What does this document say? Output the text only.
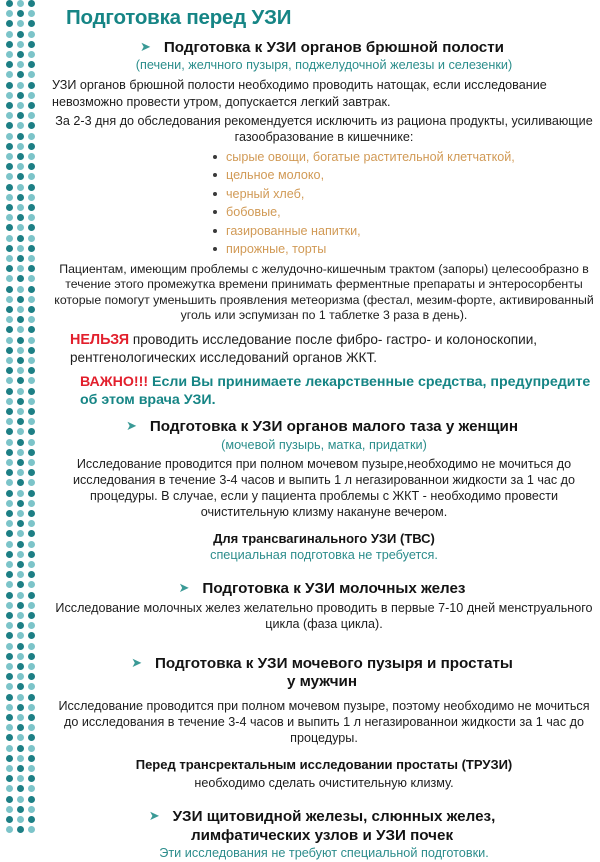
Подготовка перед УЗИ
➤ Подготовка к УЗИ органов брюшной полости
(печени, желчного пузыря, поджелудочной железы и селезенки)
УЗИ органов брюшной полости необходимо проводить натощак, если исследование невозможно провести утром, допускается легкий завтрак.
За 2-3 дня до обследования рекомендуется исключить из рациона продукты, усиливающие газообразование в кишечнике:
сырые овощи, богатые растительной клетчаткой,
цельное молоко,
черный хлеб,
бобовые,
газированные напитки,
пирожные, торты
Пациентам, имеющим проблемы с желудочно-кишечным трактом (запоры) целесообразно в течение этого промежутка времени принимать ферментные препараты и энтеросорбенты которые помогут уменьшить проявления метеоризма (фестал, мезим-форте, активированный уголь или эспумизан по 1 таблетке 3 раза в день).
НЕЛЬЗЯ проводить исследование после фибро- гастро- и колоноскопии, рентгенологических исследований органов ЖКТ.
ВАЖНО!!! Если Вы принимаете лекарственные средства, предупредите об этом врача УЗИ.
➤ Подготовка к УЗИ органов малого таза у женщин
(мочевой пузырь, матка, придатки)
Исследование проводится при полном мочевом пузыре,необходимо не мочиться до исследования в течение 3-4 часов и выпить 1 л негазированнои жидкости за 1 час до процедуры. В случае, если у пациента проблемы с ЖКТ - необходимо провести очистительную клизму накануне вечером.
Для трансвагинального УЗИ (ТВС)
специальная подготовка не требуется.
➤ Подготовка к УЗИ молочных желез
Исследование молочных желез желательно проводить в первые 7-10 дней менструального цикла (фаза цикла).
➤ Подготовка к УЗИ мочевого пузыря и простаты
у мужчин
Исследование проводится при полном мочевом пузыре, поэтому необходимо не мочиться до исследования в течение 3-4 часов и выпить 1 л негазированнои жидкости за 1 час до процедуры.
Перед трансректальным исследовании простаты (ТРУЗИ)
необходимо сделать очистительную клизму.
➤ УЗИ щитовидной железы, слюнных желез,
лимфатических узлов и УЗИ почек
Эти исследования не требуют специальной подготовки.
